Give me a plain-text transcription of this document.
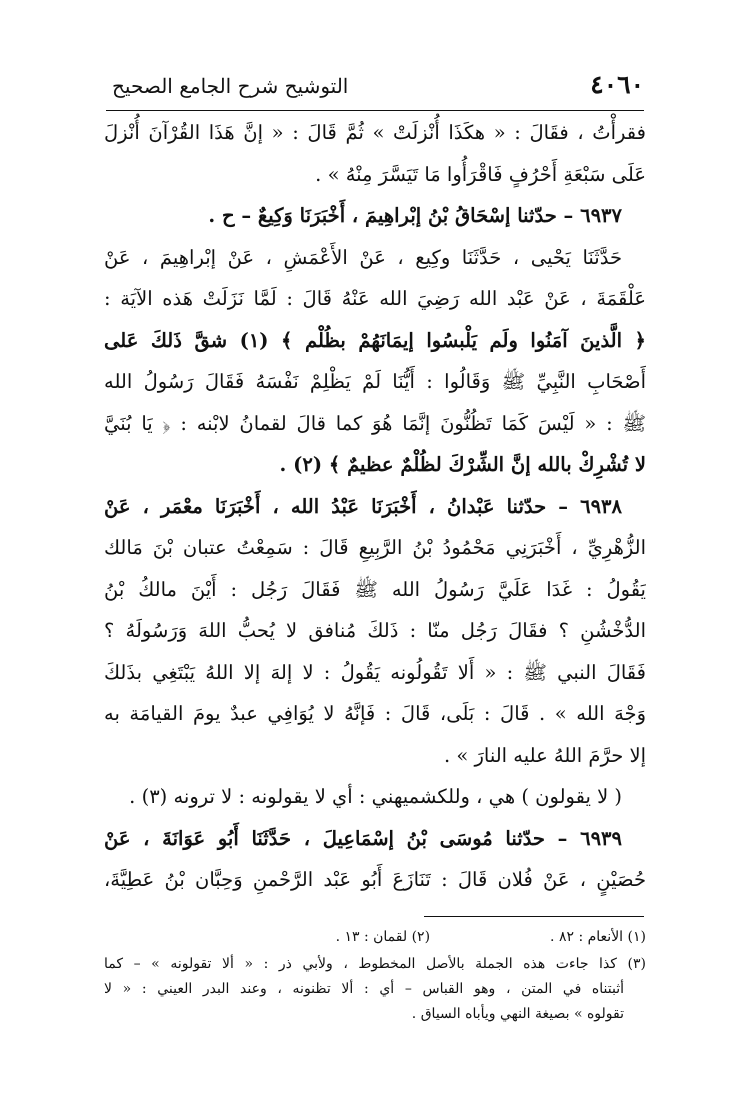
٤٠٦٠
التوشيح شرح الجامع الصحيح
فقرأْتُ ، فقَالَ : « هكَذَا أُنْزلَتْ » ثُمَّ قَالَ : « إنَّ هَذَا القُرْآنَ أُنْزلَ
عَلَى سَبْعَةِ أَحْرُفٍ فَاقْرَأُوا مَا تَيَسَّرَ مِنْهُ » .
٦٩٣٧ – حدّثنا إسْحَاقُ بْنُ إبْراهِيمَ ، أَخْبَرَنَا وَكِيعٌ – ح .
حَدَّثَنَا يَحْيى ، حَدَّثَنَا وكِيع ، عَنْ الأَعْمَشِ ، عَنْ إبْراهِيمَ ، عَنْ
عَلْقَمَةَ ، عَنْ عَبْد الله رَضِيَ الله عَنْهُ قَالَ : لَمَّا نَزَلَتْ هَذه الآيَة :
﴿ الَّذينَ آمَنُوا ولَم يَلْبسُوا إيمَانَهُمْ بظُلْم ﴾ (١) شقَّ ذَلكَ عَلى
أَصْحَابِ النَّبِيِّ ﷺ وَقَالُوا : أَيُّنَا لَمْ يَظْلِمْ نَفْسَهُ فَقَالَ رَسُولُ الله
ﷺ : « لَيْسَ كَمَا تَظُنُّونَ إنَّمَا هُوَ كما قالَ لقمانُ لابْنه : ﴿ يَا بُنَيَّ
لا تُشْرِكْ بالله إنَّ الشِّرْكَ لظُلْمٌ عظيمٌ ﴾ (٢) .
٦٩٣٨ – حدّثنا عَبْدانُ ، أَخْبَرَنَا عَبْدُ الله ، أَخْبَرَنَا معْمَر ، عَنْ
الزُّهْرِيِّ ، أَخْبَرَنِي مَحْمُودُ بْنُ الرَّبِيعِ قَالَ : سَمِعْتُ عتبان بْنَ مَالك
يَقُولُ : غَدَا عَلَيَّ رَسُولُ الله ﷺ فَقَالَ رَجُل : أَيْنَ مالكُ بْنُ
الدُّخْشُنِ ؟ فقَالَ رَجُل منّا : ذَلكَ مُنافق لا يُحبُّ اللهَ وَرَسُولَهُ ؟
فَقَالَ النبي ﷺ : « أَلا تَقُولُونه يَقُولُ : لا إلهَ إلا اللهُ يَبْتَغِي بذَلكَ
وَجْهَ الله » . قَالَ : بَلَى، قَالَ : فَإنَّهُ لا يُوَافِي عبدٌ يومَ القيامَة به
إلا حرَّمَ اللهُ عليه النارَ » .
( لا يقولون ) هي ، وللكشميهني : أي لا يقولونه : لا ترونه (٣) .
٦٩٣٩ – حدّثنا مُوسَى بْنُ إسْمَاعِيلَ ، حَدَّثَنَا أَبُو عَوَانَةَ ، عَنْ
حُصَيْنٍ ، عَنْ فُلان قَالَ : تَنَازَعَ أَبُو عَبْد الرَّحْمنِ وَحِبَّان بْنُ عَطِيَّةَ،
(١) الأنعام : ٨٢ .
(٢) لقمان : ١٣ .
(٣) كذا جاءت هذه الجملة بالأصل المخطوط ، ولأبي ذر : « ألا تقولونه » – كما
أثبتناه في المتن ، وهو القباس – أي : ألا تظنونه ، وعند البدر العيني : « لا
تقولوه » بصيغة النهي ويأباه السياق .
